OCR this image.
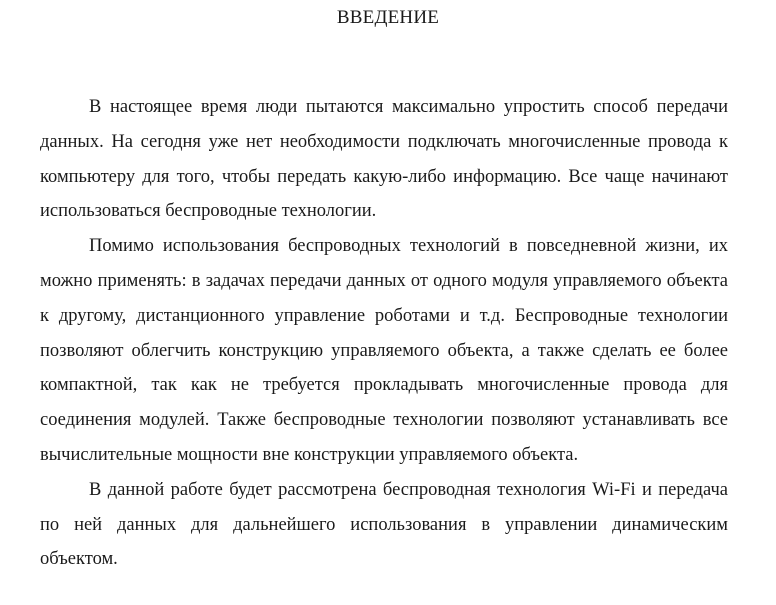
ВВЕДЕНИЕ

В настоящее время люди пытаются максимально упростить способ передачи данных. На сегодня уже нет необходимости подключать многочисленные провода к компьютеру для того, чтобы передать какую-либо информацию. Все чаще начинают использоваться беспроводные технологии.

Помимо использования беспроводных технологий в повседневной жизни, их можно применять: в задачах передачи данных от одного модуля управляемого объекта к другому, дистанционного управление роботами и т.д. Беспроводные технологии позволяют облегчить конструкцию управляемого объекта, а также сделать ее более компактной, так как не требуется прокладывать многочисленные провода для соединения модулей. Также беспроводные технологии позволяют устанавливать все вычислительные мощности вне конструкции управляемого объекта.

В данной работе будет рассмотрена беспроводная технология Wi-Fi и передача по ней данных для дальнейшего использования в управлении динамическим объектом.
